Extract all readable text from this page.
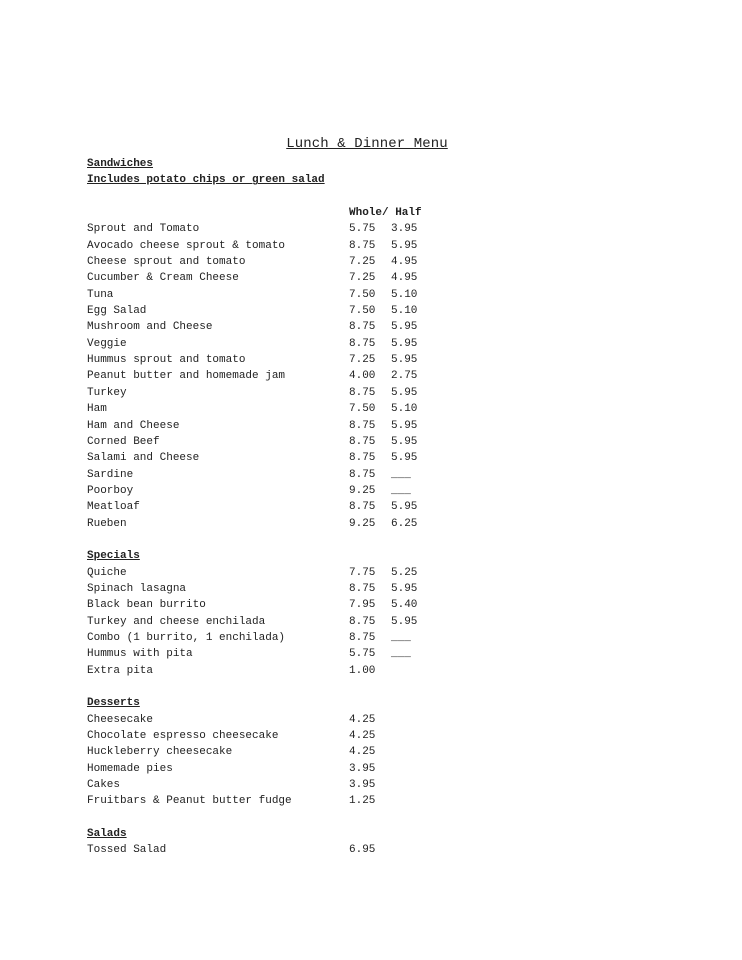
Lunch & Dinner Menu
Sandwiches
Includes potato chips or green salad

Whole/ Half

Sprout and Tomato	5.75 3.95
Avocado cheese sprout & tomato	8.75 5.95
Cheese sprout and tomato	7.25 4.95
Cucumber & Cream Cheese	7.25 4.95
Tuna	7.50 5.10
Egg Salad	7.50 5.10
Mushroom and Cheese	8.75 5.95
Veggie	8.75 5.95
Hummus sprout and tomato	7.25 5.95
Peanut butter and homemade jam	4.00 2.75
Turkey	8.75 5.95
Ham	7.50 5.10
Ham and Cheese	8.75 5.95
Corned Beef	8.75 5.95
Salami and Cheese	8.75 5.95
Sardine	8.75 ___
Poorboy	9.25 ___
Meatloaf	8.75 5.95
Rueben	9.25 6.25
Specials
Quiche	7.75 5.25
Spinach lasagna	8.75 5.95
Black bean burrito	7.95 5.40
Turkey and cheese enchilada	8.75 5.95
Combo (1 burrito, 1 enchilada)	8.75 ___
Hummus with pita	5.75 ___
Extra pita	1.00
Desserts
Cheesecake	4.25
Chocolate espresso cheesecake	4.25
Huckleberry cheesecake	4.25
Homemade pies	3.95
Cakes	3.95
Fruitbars & Peanut butter fudge	1.25
Salads
Tossed Salad	6.95
